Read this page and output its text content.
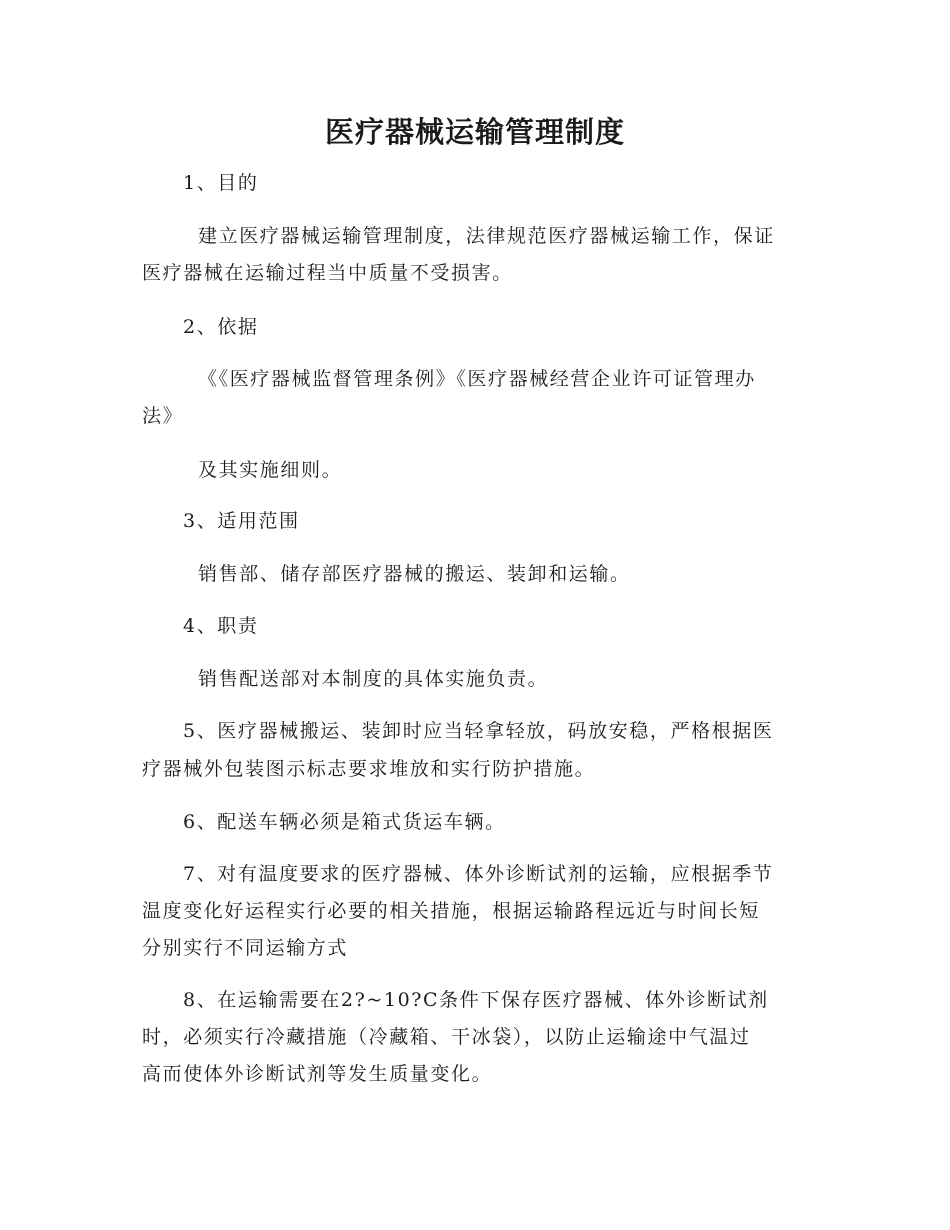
医疗器械运输管理制度

1、目的

建立医疗器械运输管理制度，法律规范医疗器械运输工作，保证

医疗器械在运输过程当中质量不受损害。

2、依据

《《医疗器械监督管理条例》《医疗器械经营企业许可证管理办

法》

及其实施细则。

3、适用范围

销售部、储存部医疗器械的搬运、装卸和运输。

4、职责

销售配送部对本制度的具体实施负责。

5、医疗器械搬运、装卸时应当轻拿轻放，码放安稳，严格根据医

疗器械外包装图示标志要求堆放和实行防护措施。

6、配送车辆必须是箱式货运车辆。

7、对有温度要求的医疗器械、体外诊断试剂的运输，应根据季节

温度变化好运程实行必要的相关措施，根据运输路程远近与时间长短

分别实行不同运输方式

8、在运输需要在2?~10?C条件下保存医疗器械、体外诊断试剂

时，必须实行冷藏措施（冷藏箱、干冰袋），以防止运输途中气温过

高而使体外诊断试剂等发生质量变化。
